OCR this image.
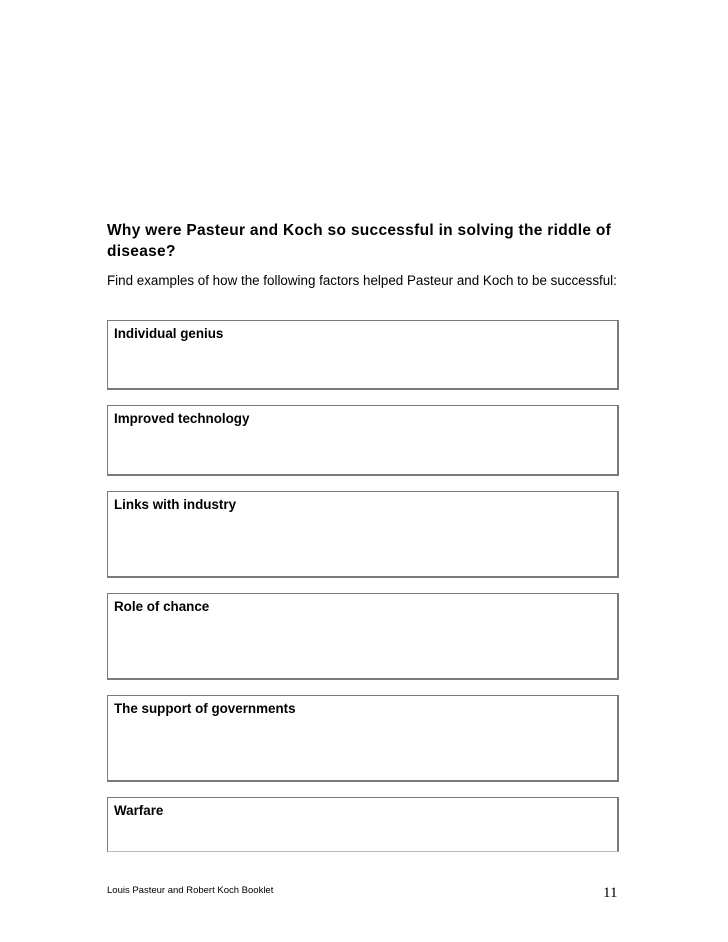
Why were Pasteur and Koch so successful in solving the riddle of disease?

Find examples of how the following factors helped Pasteur and Koch to be successful:

Individual genius

Improved technology

Links with industry

Role of chance

The support of governments

Warfare

Louis Pasteur and Robert Koch Booklet	11
